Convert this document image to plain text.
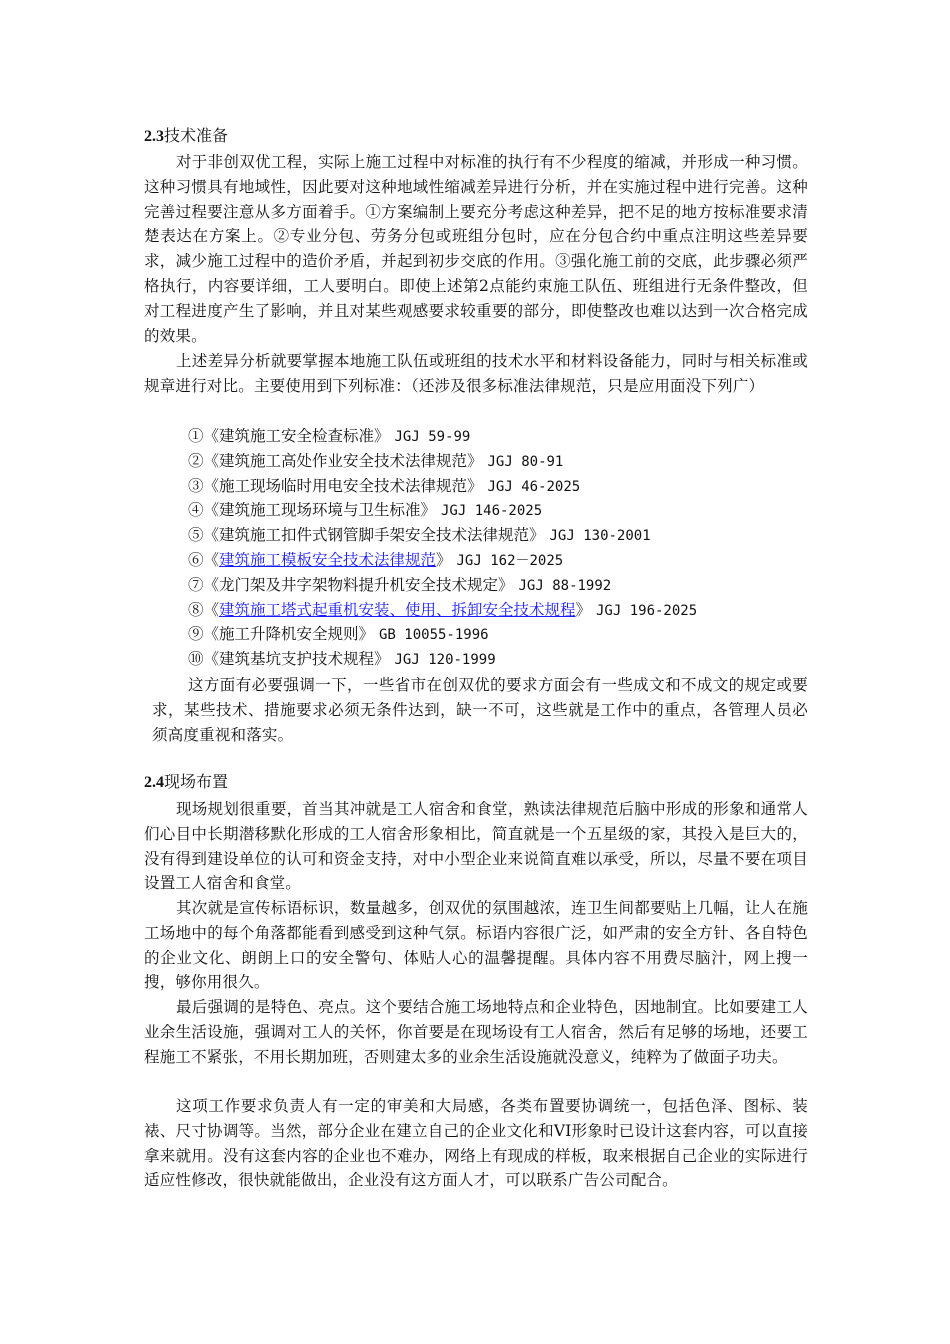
2.3技术准备

对于非创双优工程，实际上施工过程中对标准的执行有不少程度的缩减，并形成一种习惯。这种习惯具有地域性，因此要对这种地域性缩减差异进行分析，并在实施过程中进行完善。这种完善过程要注意从多方面着手。①方案编制上要充分考虑这种差异，把不足的地方按标准要求清楚表达在方案上。②专业分包、劳务分包或班组分包时，应在分包合约中重点注明这些差异要求，减少施工过程中的造价矛盾，并起到初步交底的作用。③强化施工前的交底，此步骤必须严格执行，内容要详细，工人要明白。即使上述第2点能约束施工队伍、班组进行无条件整改，但对工程进度产生了影响，并且对某些观感要求较重要的部分，即使整改也难以达到一次合格完成的效果。

上述差异分析就要掌握本地施工队伍或班组的技术水平和材料设备能力，同时与相关标准或规章进行对比。主要使用到下列标准：（还涉及很多标准法律规范，只是应用面没下列广）

①《建筑施工安全检查标准》 JGJ 59-99
②《建筑施工高处作业安全技术法律规范》 JGJ 80-91
③《施工现场临时用电安全技术法律规范》 JGJ 46-2025
④《建筑施工现场环境与卫生标准》 JGJ 146-2025
⑤《建筑施工扣件式钢管脚手架安全技术法律规范》 JGJ 130-2001
⑥《建筑施工模板安全技术法律规范》 JGJ 162－2025
⑦《龙门架及井字架物料提升机安全技术规定》 JGJ 88-1992
⑧《建筑施工塔式起重机安装、使用、拆卸安全技术规程》 JGJ 196-2025
⑨《施工升降机安全规则》 GB 10055-1996
⑩《建筑基坑支护技术规程》 JGJ 120-1999

这方面有必要强调一下，一些省市在创双优的要求方面会有一些成文和不成文的规定或要求，某些技术、措施要求必须无条件达到，缺一不可，这些就是工作中的重点，各管理人员必须高度重视和落实。

2.4现场布置

现场规划很重要，首当其冲就是工人宿舍和食堂，熟读法律规范后脑中形成的形象和通常人们心目中长期潜移默化形成的工人宿舍形象相比，简直就是一个五星级的家，其投入是巨大的，没有得到建设单位的认可和资金支持，对中小型企业来说简直难以承受，所以，尽量不要在项目设置工人宿舍和食堂。

其次就是宣传标语标识，数量越多，创双优的氛围越浓，连卫生间都要贴上几幅，让人在施工场地中的每个角落都能看到感受到这种气氛。标语内容很广泛，如严肃的安全方针、各自特色的企业文化、朗朗上口的安全警句、体贴人心的温馨提醒。具体内容不用费尽脑汁，网上搜一搜，够你用很久。

最后强调的是特色、亮点。这个要结合施工场地特点和企业特色，因地制宜。比如要建工人业余生活设施，强调对工人的关怀，你首要是在现场设有工人宿舍，然后有足够的场地，还要工程施工不紧张，不用长期加班，否则建太多的业余生活设施就没意义，纯粹为了做面子功夫。

这项工作要求负责人有一定的审美和大局感，各类布置要协调统一，包括色泽、图标、装裱、尺寸协调等。当然，部分企业在建立自己的企业文化和VI形象时已设计这套内容，可以直接拿来就用。没有这套内容的企业也不难办，网络上有现成的样板，取来根据自己企业的实际进行适应性修改，很快就能做出，企业没有这方面人才，可以联系广告公司配合。
